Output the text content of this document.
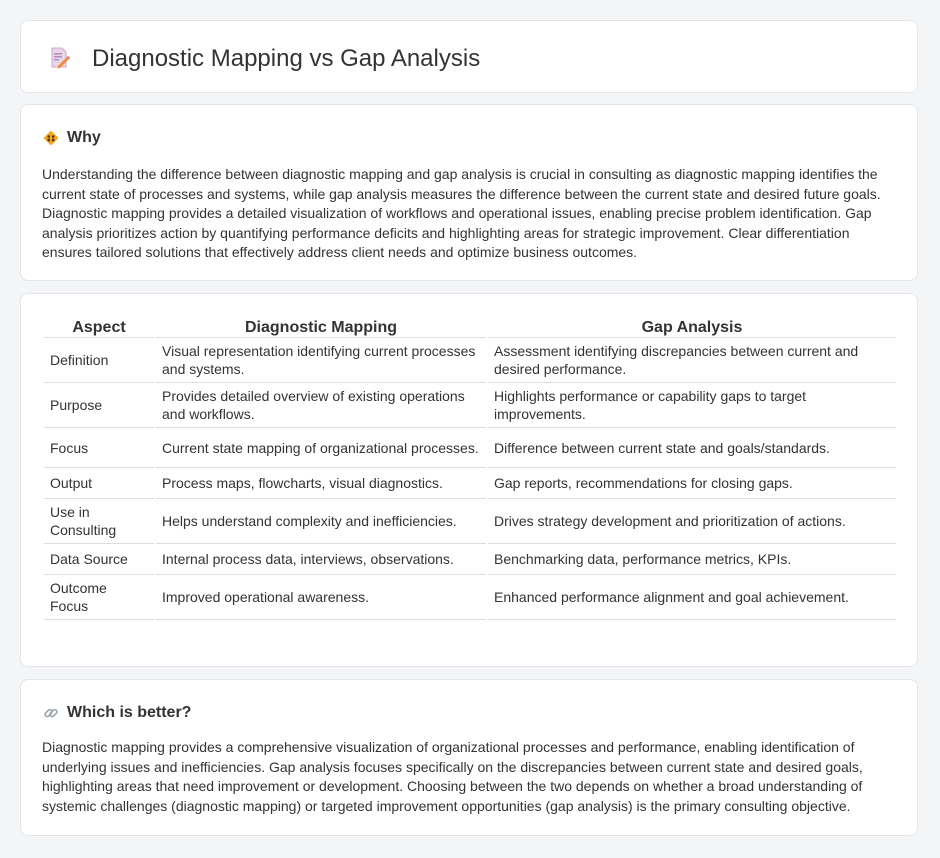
Diagnostic Mapping vs Gap Analysis
Why

Understanding the difference between diagnostic mapping and gap analysis is crucial in consulting as diagnostic mapping identifies the current state of processes and systems, while gap analysis measures the difference between the current state and desired future goals. Diagnostic mapping provides a detailed visualization of workflows and operational issues, enabling precise problem identification. Gap analysis prioritizes action by quantifying performance deficits and highlighting areas for strategic improvement. Clear differentiation ensures tailored solutions that effectively address client needs and optimize business outcomes.

Aspect	Diagnostic Mapping	Gap Analysis
Definition	Visual representation identifying current processes and systems.	Assessment identifying discrepancies between current and desired performance.
Purpose	Provides detailed overview of existing operations and workflows.	Highlights performance or capability gaps to target improvements.
Focus	Current state mapping of organizational processes.	Difference between current state and goals/standards.
Output	Process maps, flowcharts, visual diagnostics.	Gap reports, recommendations for closing gaps.
Use in Consulting	Helps understand complexity and inefficiencies.	Drives strategy development and prioritization of actions.
Data Source	Internal process data, interviews, observations.	Benchmarking data, performance metrics, KPIs.
Outcome Focus	Improved operational awareness.	Enhanced performance alignment and goal achievement.
Which is better?

Diagnostic mapping provides a comprehensive visualization of organizational processes and performance, enabling identification of underlying issues and inefficiencies. Gap analysis focuses specifically on the discrepancies between current state and desired goals, highlighting areas that need improvement or development. Choosing between the two depends on whether a broad understanding of systemic challenges (diagnostic mapping) or targeted improvement opportunities (gap analysis) is the primary consulting objective.
